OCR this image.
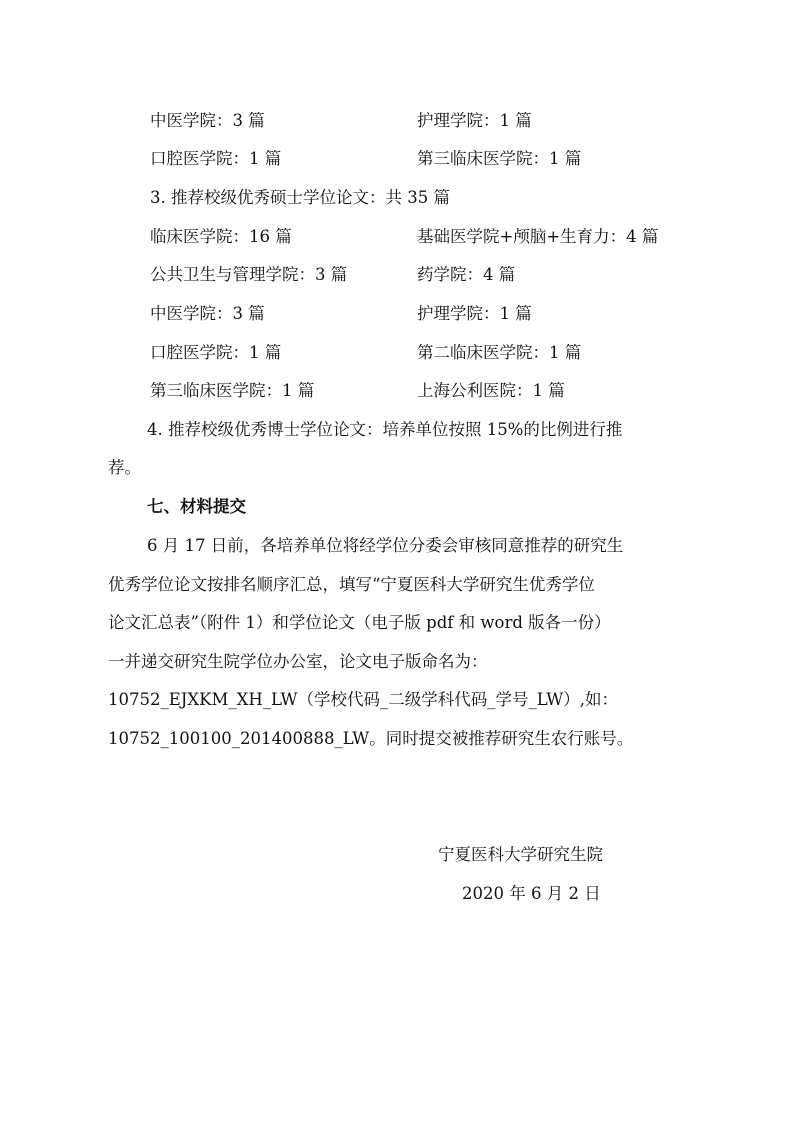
中医学院：3 篇	护理学院：1 篇
口腔医学院：1 篇	第三临床医学院：1 篇
3. 推荐校级优秀硕士学位论文：共 35 篇
临床医学院：16 篇	基础医学院+颅脑+生育力：4 篇
公共卫生与管理学院：3 篇	药学院：4 篇
中医学院：3 篇	护理学院：1 篇
口腔医学院：1 篇	第二临床医学院：1 篇
第三临床医学院：1 篇	上海公利医院：1 篇
4. 推荐校级优秀博士学位论文：培养单位按照 15%的比例进行推
荐。
七、材料提交
6 月 17 日前，各培养单位将经学位分委会审核同意推荐的研究生
优秀学位论文按排名顺序汇总，填写“宁夏医科大学研究生优秀学位
论文汇总表”（附件 1）和学位论文（电子版 pdf 和 word 版各一份）
一并递交研究生院学位办公室，论文电子版命名为：
10752_EJXKM_XH_LW（学校代码_二级学科代码_学号_LW）,如：
10752_100100_201400888_LW。同时提交被推荐研究生农行账号。
宁夏医科大学研究生院
2020 年 6 月 2 日
